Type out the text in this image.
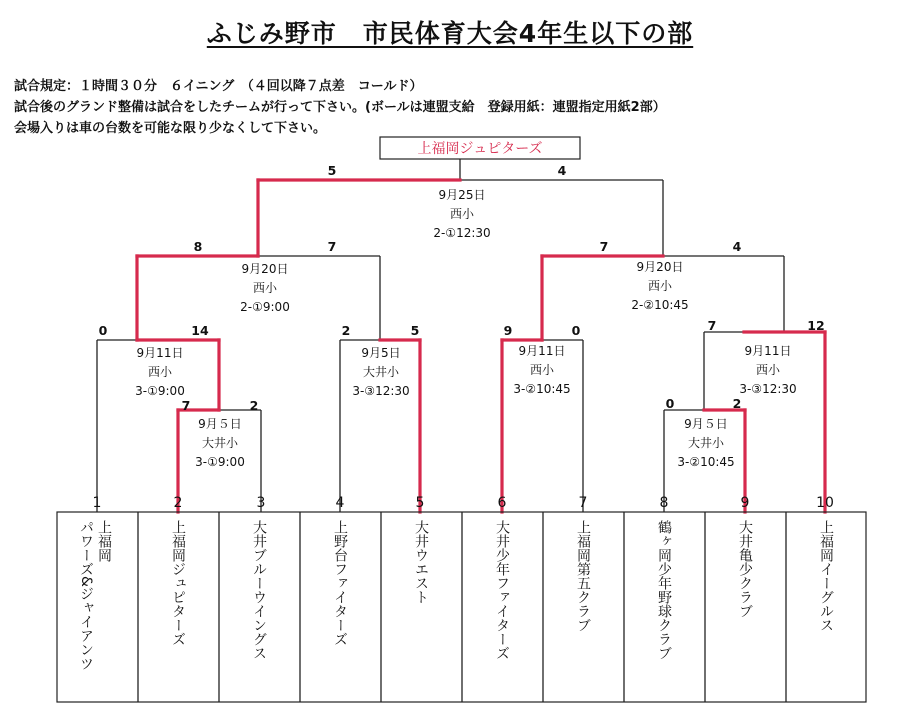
ふじみ野市　市民体育大会4年生以下の部
試合規定：１時間３０分　６イニング　（４回以降７点差　コールド）
試合後のグランド整備は試合をしたチームが行って下さい。(ボールは連盟支給　登録用紙：連盟指定用紙2部）
会場入りは車の台数を可能な限り少なくして下さい。
上福岡ジュピターズ
5	4
8	7	7	4
0	14	2	5	9	0	7	12
7	2	0	2
9月25日
西小
2-①12:30
9月20日
西小
2-①9:00
9月20日
西小
2-②10:45
9月11日
西小
3-①9:00
9月5日
大井小
3-③12:30
9月11日
西小
3-②10:45
9月11日
西小
3-③12:30
9月５日
大井小
3-①9:00
9月５日
大井小
3-②10:45
1	2	3	4	5	6	7	8	9	10
上福岡
パワーズ&ジャイアンツ	上福岡ジュピターズ	大井ブルーウイングス	上野台ファイターズ	大井ウエスト	大井少年ファイターズ	上福岡第五クラブ	鶴ヶ岡少年野球クラブ	大井亀少クラブ	上福岡イーグルス
